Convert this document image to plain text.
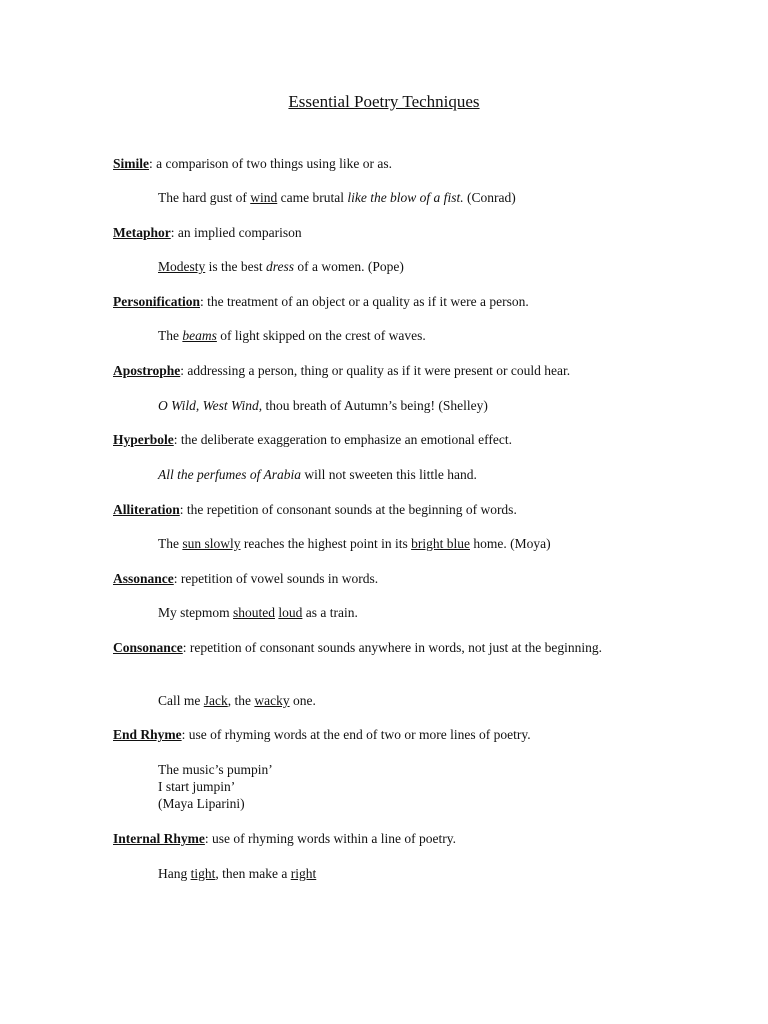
Essential Poetry Techniques
Simile: a comparison of two things using like or as.
The hard gust of wind came brutal like the blow of a fist. (Conrad)
Metaphor: an implied comparison
Modesty is the best dress of a women. (Pope)
Personification: the treatment of an object or a quality as if it were a person.
The beams of light skipped on the crest of waves.
Apostrophe: addressing a person, thing or quality as if it were present or could hear.
O Wild, West Wind, thou breath of Autumn’s being! (Shelley)
Hyperbole: the deliberate exaggeration to emphasize an emotional effect.
All the perfumes of Arabia will not sweeten this little hand.
Alliteration: the repetition of consonant sounds at the beginning of words.
The sun slowly reaches the highest point in its bright blue home. (Moya)
Assonance: repetition of vowel sounds in words.
My stepmom shouted loud as a train.
Consonance: repetition of consonant sounds anywhere in words, not just at the beginning.
Call me Jack, the wacky one.
End Rhyme: use of rhyming words at the end of two or more lines of poetry.
The music’s pumpin’
I start jumpin’
(Maya Liparini)
Internal Rhyme: use of rhyming words within a line of poetry.
Hang tight, then make a right
